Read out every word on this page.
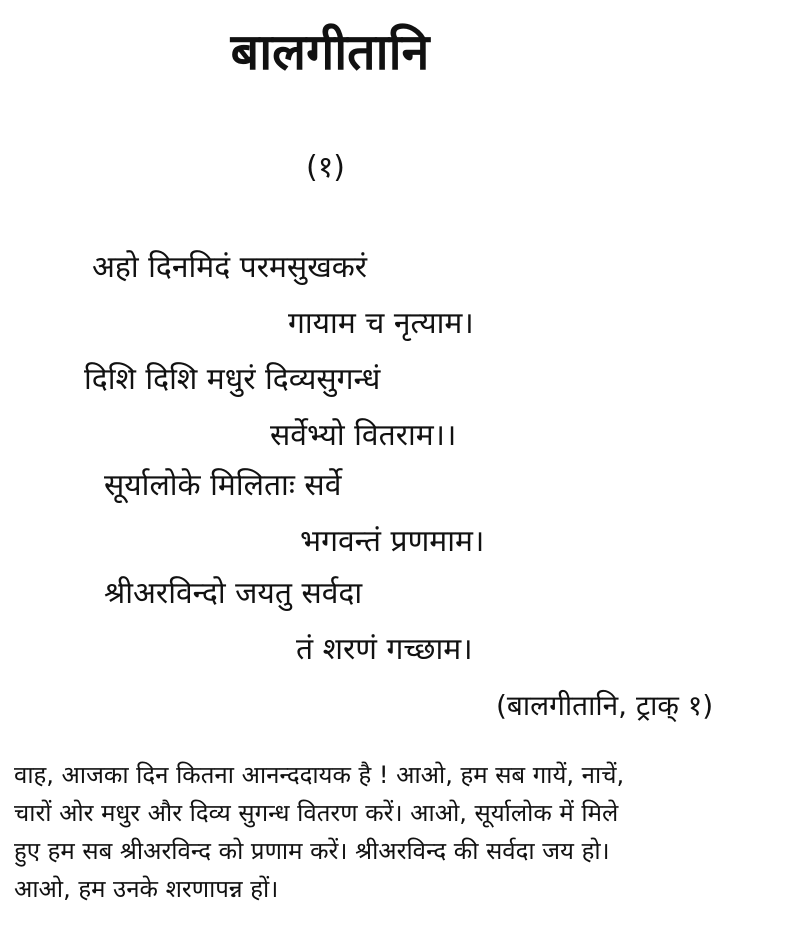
बालगीतानि
(१)
अहो दिनमिदं परमसुखकरं
गायाम च नृत्याम।
दिशि दिशि मधुरं दिव्यसुगन्धं
सर्वेभ्यो वितराम।।
सूर्यालोके मिलिताः सर्वे
भगवन्तं प्रणमाम।
श्रीअरविन्दो जयतु सर्वदा
तं शरणं गच्छाम।
(बालगीतानि, ट्राक् १)

वाह, आजका दिन कितना आनन्ददायक है ! आओ, हम सब गायें, नाचें,

चारों ओर मधुर और दिव्य सुगन्ध वितरण करें। आओ, सूर्यालोक में मिले

हुए हम सब श्रीअरविन्द को प्रणाम करें। श्रीअरविन्द की सर्वदा जय हो।

आओ, हम उनके शरणापन्न हों।
